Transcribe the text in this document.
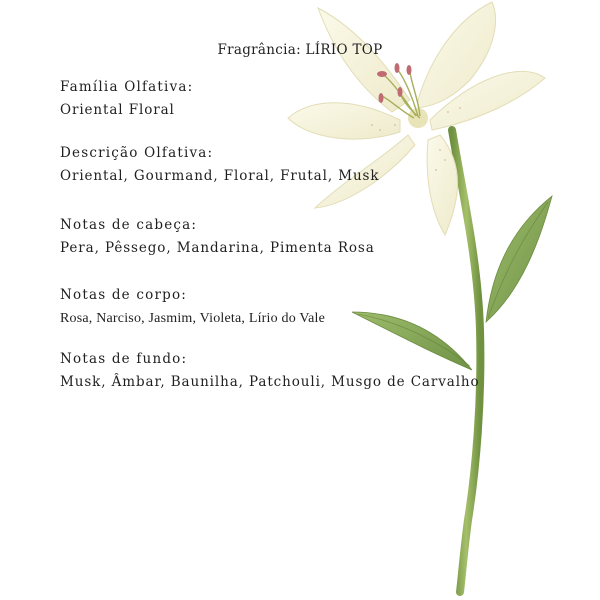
Fragrância: LÍRIO TOP
Família Olfativa:
Oriental Floral
Descrição Olfativa:
Oriental, Gourmand, Floral, Frutal, Musk
Notas de cabeça:
Pera, Pêssego, Mandarina, Pimenta Rosa
Notas de corpo:
Rosa, Narciso, Jasmim, Violeta, Lírio do Vale
Notas de fundo:
Musk, Âmbar, Baunilha, Patchouli, Musgo de Carvalho
